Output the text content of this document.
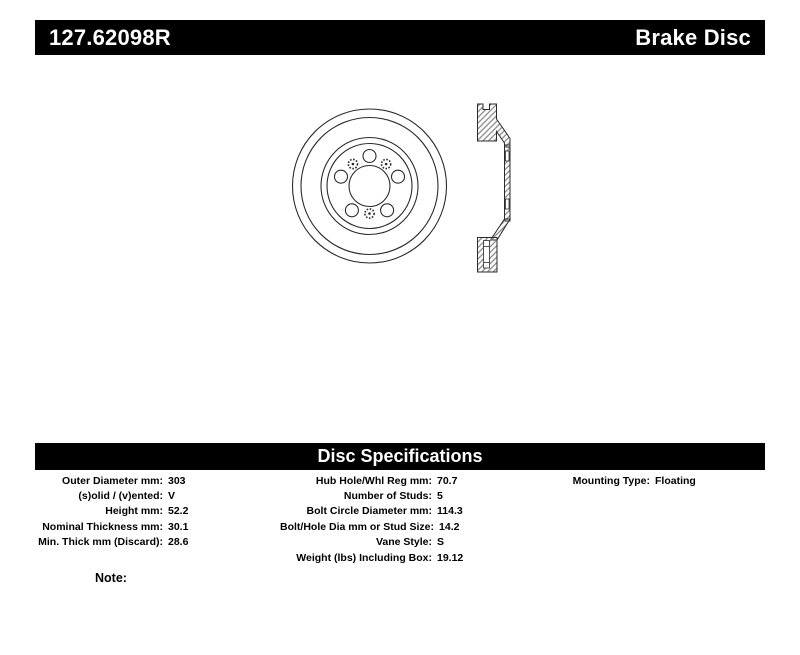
127.62098R	Brake Disc
Disc Specifications
Outer Diameter mm: 303
(s)olid / (v)ented: V
Height mm: 52.2
Nominal Thickness mm: 30.1
Min. Thick mm (Discard): 28.6
Hub Hole/Whl Reg mm: 70.7
Number of Studs: 5
Bolt Circle Diameter mm: 114.3
Bolt/Hole Dia mm or Stud Size: 14.2
Vane Style: S
Weight (lbs) Including Box: 19.12
Mounting Type: Floating
Note:
